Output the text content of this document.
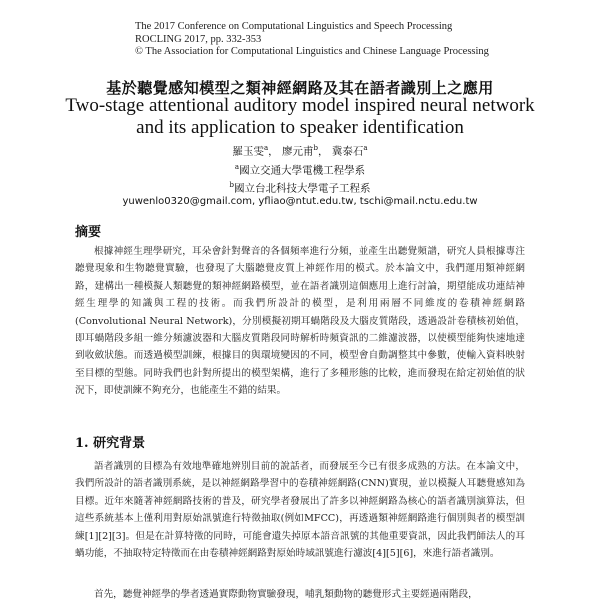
The 2017 Conference on Computational Linguistics and Speech Processing
ROCLING 2017, pp. 332-353
© The Association for Computational Linguistics and Chinese Language Processing
基於聽覺感知模型之類神經網路及其在語者識別上之應用
Two-stage attentional auditory model inspired neural network
and its application to speaker identification
羅玉雯$^a$， 廖元甫$^b$， 冀泰石$^a$
$^a$國立交通大學電機工程學系
$^b$國立台北科技大學電子工程系
yuwenlo0320@gmail.com, yfliao@ntut.edu.tw, tschi@mail.nctu.edu.tw
摘要

根據神經生理學研究，耳朵會針對聲音的各個頻率進行分頻，並產生出聽覺頻譜，研究人員根據專注聽覺現象和生物聽覺實驗，也發現了大腦聽覺皮質上神經作用的模式。於本論文中，我們運用類神經網路，建構出一種模擬人類聽覺的類神經網路模型，並在語者識別這個應用上進行討論，期望能成功連結神經生理學的知識與工程的技術。而我們所設計的模型，是利用兩層不同維度的卷積神經網路(Convolutional Neural Network)，分別模擬初期耳蝸階段及大腦皮質階段，透過設計卷積核初始值，即耳蝸階段多組一維分頻濾波器和大腦皮質階段同時解析時頻資訊的二維濾波器，以使模型能夠快速地達到收斂狀態。而透過模型訓練，根據目的與環境變因的不同，模型會自動調整其中參數，使輸入資料映射至目標的型態。同時我們也針對所提出的模型架構，進行了多種形態的比較，進而發現在給定初始值的狀況下，即使訓練不夠充分，也能產生不錯的結果。

1. 研究背景

語者識別的目標為有效地準確地辨別目前的說話者，而發展至今已有很多成熟的方法。在本論文中，我們所設計的語者識別系統，是以神經網路學習中的卷積神經網路(CNN)實現，並以模擬人耳聽覺感知為目標。近年來隨著神經網路技術的普及，研究學者發展出了許多以神經網路為核心的語者識別演算法，但這些系統基本上僅利用對原始訊號進行特徵抽取(例如MFCC)，再透過類神經網路進行個別與者的模型訓練[1][2][3]。但是在計算特徵的同時，可能會遺失掉原本語音訊號的其他重要資訊，因此我們師法人的耳蝸功能，不抽取特定特徵而在由卷積神經網路對原始時域訊號進行濾波[4][5][6]，來進行語者識別。

首先，聽覺神經學的學者透過實際動物實驗發現，哺乳類動物的聽覺形式主要經過兩階段，
